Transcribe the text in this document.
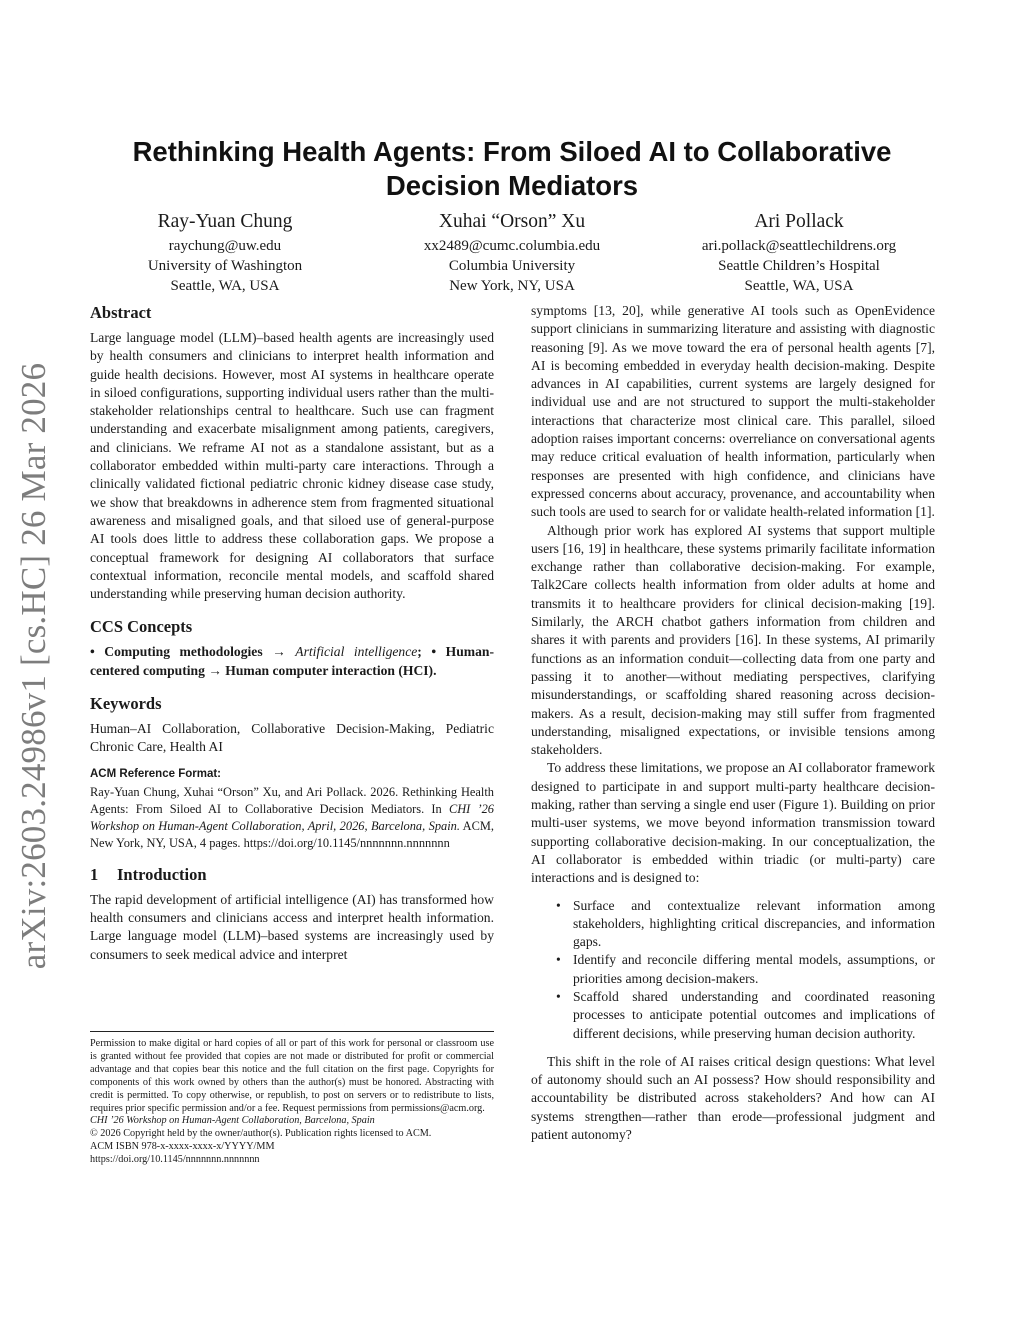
arXiv:2603.24986v1 [cs.HC] 26 Mar 2026
Rethinking Health Agents: From Siloed AI to Collaborative
Decision Mediators
Ray-Yuan Chung
raychung@uw.edu
University of Washington
Seattle, WA, USA
Xuhai “Orson” Xu
xx2489@cumc.columbia.edu
Columbia University
New York, NY, USA
Ari Pollack
ari.pollack@seattlechildrens.org
Seattle Children’s Hospital
Seattle, WA, USA
Abstract

Large language model (LLM)–based health agents are increasingly used by health consumers and clinicians to interpret health information and guide health decisions. However, most AI systems in healthcare operate in siloed configurations, supporting individual users rather than the multi-stakeholder relationships central to healthcare. Such use can fragment understanding and exacerbate misalignment among patients, caregivers, and clinicians. We reframe AI not as a standalone assistant, but as a collaborator embedded within multi-party care interactions. Through a clinically validated fictional pediatric chronic kidney disease case study, we show that breakdowns in adherence stem from fragmented situational awareness and misaligned goals, and that siloed use of general-purpose AI tools does little to address these collaboration gaps. We propose a conceptual framework for designing AI collaborators that surface contextual information, reconcile mental models, and scaffold shared understanding while preserving human decision authority.

CCS Concepts

• Computing methodologies → Artificial intelligence; • Human-centered computing → Human computer interaction (HCI).

Keywords

Human–AI Collaboration, Collaborative Decision-Making, Pediatric Chronic Care, Health AI

ACM Reference Format:

Ray-Yuan Chung, Xuhai “Orson” Xu, and Ari Pollack. 2026. Rethinking Health Agents: From Siloed AI to Collaborative Decision Mediators. In CHI ’26 Workshop on Human-Agent Collaboration, April, 2026, Barcelona, Spain. ACM, New York, NY, USA, 4 pages. https://doi.org/10.1145/nnnnnnn.nnnnnnn

1 Introduction

The rapid development of artificial intelligence (AI) has transformed how health consumers and clinicians access and interpret health information. Large language model (LLM)–based systems are increasingly used by consumers to seek medical advice and interpret

Permission to make digital or hard copies of all or part of this work for personal or classroom use is granted without fee provided that copies are not made or distributed for profit or commercial advantage and that copies bear this notice and the full citation on the first page. Copyrights for components of this work owned by others than the author(s) must be honored. Abstracting with credit is permitted. To copy otherwise, or republish, to post on servers or to redistribute to lists, requires prior specific permission and/or a fee. Request permissions from permissions@acm.org.

CHI ’26 Workshop on Human-Agent Collaboration, Barcelona, Spain

© 2026 Copyright held by the owner/author(s). Publication rights licensed to ACM.

ACM ISBN 978-x-xxxx-xxxx-x/YYYY/MM

https://doi.org/10.1145/nnnnnnn.nnnnnnn

symptoms [13, 20], while generative AI tools such as OpenEvidence support clinicians in summarizing literature and assisting with diagnostic reasoning [9]. As we move toward the era of personal health agents [7], AI is becoming embedded in everyday health decision-making. Despite advances in AI capabilities, current systems are largely designed for individual use and are not structured to support the multi-stakeholder interactions that characterize most clinical care. This parallel, siloed adoption raises important concerns: overreliance on conversational agents may reduce critical evaluation of health information, particularly when responses are presented with high confidence, and clinicians have expressed concerns about accuracy, provenance, and accountability when such tools are used to search for or validate health-related information [1].

Although prior work has explored AI systems that support multiple users [16, 19] in healthcare, these systems primarily facilitate information exchange rather than collaborative decision-making. For example, Talk2Care collects health information from older adults at home and transmits it to healthcare providers for clinical decision-making [19]. Similarly, the ARCH chatbot gathers information from children and shares it with parents and providers [16]. In these systems, AI primarily functions as an information conduit—collecting data from one party and passing it to another—without mediating perspectives, clarifying misunderstandings, or scaffolding shared reasoning across decision-makers. As a result, decision-making may still suffer from fragmented understanding, misaligned expectations, or invisible tensions among stakeholders.

To address these limitations, we propose an AI collaborator framework designed to participate in and support multi-party healthcare decision-making, rather than serving a single end user (Figure 1). Building on prior multi-user systems, we move beyond information transmission toward supporting collaborative decision-making. In our conceptualization, the AI collaborator is embedded within triadic (or multi-party) care interactions and is designed to:

• Surface and contextualize relevant information among stakeholders, highlighting critical discrepancies, and information gaps.
• Identify and reconcile differing mental models, assumptions, or priorities among decision-makers.
• Scaffold shared understanding and coordinated reasoning processes to anticipate potential outcomes and implications of different decisions, while preserving human decision authority.

This shift in the role of AI raises critical design questions: What level of autonomy should such an AI possess? How should responsibility and accountability be distributed across stakeholders? And how can AI systems strengthen—rather than erode—professional judgment and patient autonomy?
